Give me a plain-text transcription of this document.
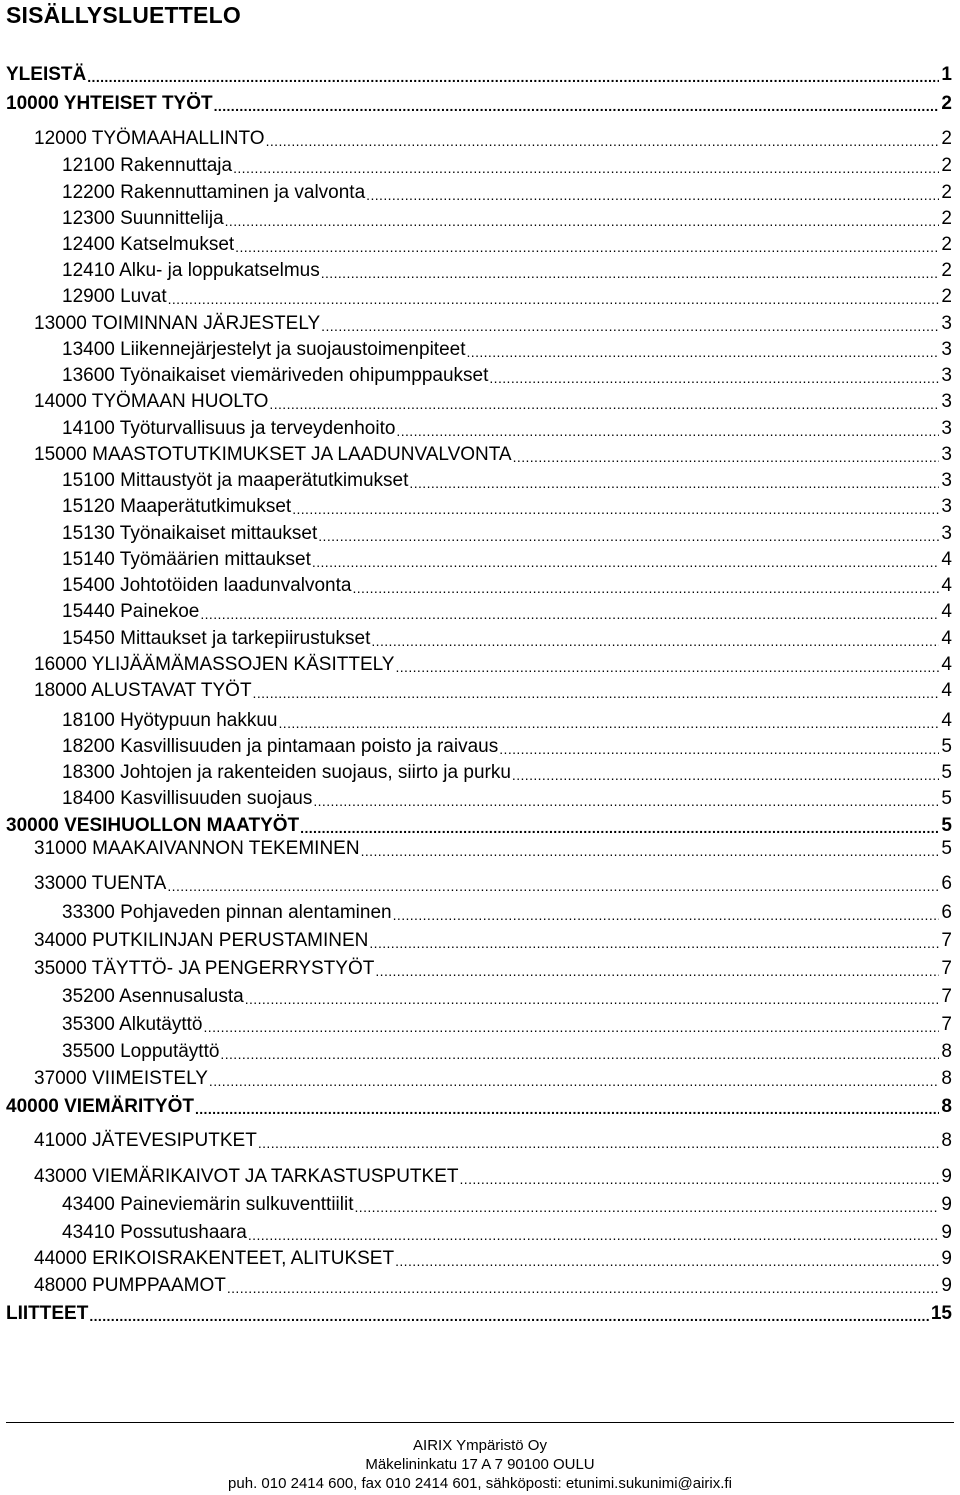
SISÄLLYSLUETTELO
YLEISTÄ .....	1
10000 YHTEISET TYÖT .....	2
12000 TYÖMAAHALLINTO .....	2
12100 Rakennuttaja .....	2
12200 Rakennuttaminen ja valvonta .....	2
12300 Suunnittelija .....	2
12400 Katselmukset .....	2
12410 Alku- ja loppukatselmus .....	2
12900 Luvat .....	2
13000 TOIMINNAN JÄRJESTELY .....	3
13400 Liikennejärjestelyt ja suojaustoimenpiteet .....	3
13600 Työnaikaiset viemäriveden ohipumppaukset .....	3
14000 TYÖMAAN HUOLTO .....	3
14100 Työturvallisuus ja terveydenhoito .....	3
15000 MAASTOTUTKIMUKSET JA LAADUNVALVONTA .....	3
15100 Mittaustyöt ja maaperätutkimukset .....	3
15120 Maaperätutkimukset .....	3
15130 Työnaikaiset mittaukset .....	3
15140 Työmäärien mittaukset .....	4
15400 Johtotöiden laadunvalvonta .....	4
15440 Painekoe .....	4
15450 Mittaukset ja tarkepiirustukset .....	4
16000 YLIJÄÄMÄMASSOJEN KÄSITTELY .....	4
18000 ALUSTAVAT TYÖT .....	4
18100 Hyötypuun hakkuu .....	4
18200 Kasvillisuuden ja pintamaan poisto ja raivaus .....	5
18300 Johtojen ja rakenteiden suojaus, siirto ja purku .....	5
18400 Kasvillisuuden suojaus .....	5
30000 VESIHUOLLON MAATYÖT .....	5
31000 MAAKAIVANNON TEKEMINEN .....	5
33000 TUENTA .....	6
33300 Pohjaveden pinnan alentaminen .....	6
34000 PUTKILINJAN PERUSTAMINEN .....	7
35000 TÄYTTÖ- JA PENGERRYSTYÖT .....	7
35200 Asennusalusta .....	7
35300 Alkutäyttö .....	7
35500 Lopputäyttö .....	8
37000 VIIMEISTELY .....	8
40000 VIEMÄRITYÖT .....	8
41000 JÄTEVESIPUTKET .....	8
43000 VIEMÄRIKAIVOT JA TARKASTUSPUTKET .....	9
43400 Paineviemärin sulkuventtiilit .....	9
43410 Possutushaara .....	9
44000 ERIKOISRAKENTEET, ALITUKSET .....	9
48000 PUMPPAAMOT .....	9
LIITTEET .....	15
AIRIX Ympäristö Oy
Mäkelininkatu 17 A 7 90100 OULU
puh. 010 2414 600, fax 010 2414 601, sähköposti: etunimi.sukunimi@airix.fi
